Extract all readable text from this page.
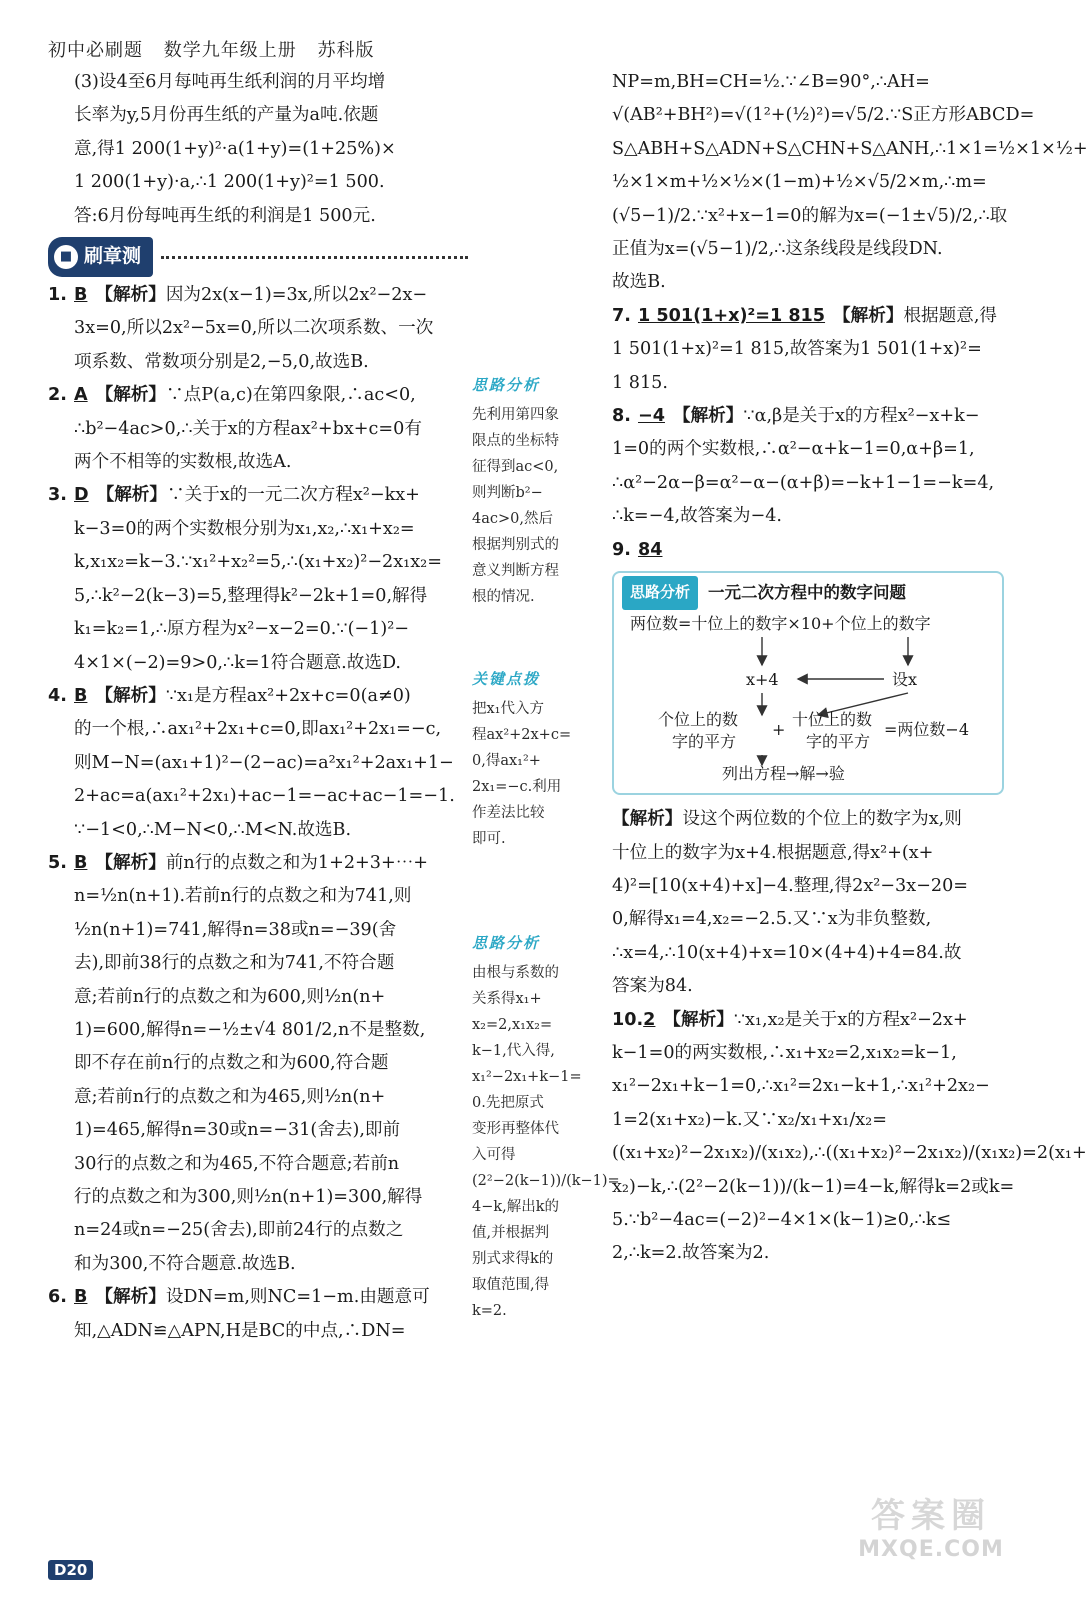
初中必刷题 数学九年级上册 苏科版
(3)设4至6月每吨再生纸利润的月平均增
长率为y,5月份再生纸的产量为a吨.依题
意,得1 200(1+y)²·a(1+y)=(1+25%)×
1 200(1+y)·a,∴1 200(1+y)²=1 500.
答:6月份每吨再生纸的利润是1 500元.
■ 刷章测
1. B 【解析】因为2x(x−1)=3x,所以2x²−2x−
3x=0,所以2x²−5x=0,所以二次项系数、一次
项系数、常数项分别是2,−5,0,故选B.
2. A 【解析】∵点P(a,c)在第四象限,∴ac<0,
∴b²−4ac>0,∴关于x的方程ax²+bx+c=0有
两个不相等的实数根,故选A.
3. D 【解析】∵关于x的一元二次方程x²−kx+
k−3=0的两个实数根分别为x₁,x₂,∴x₁+x₂=
k,x₁x₂=k−3.∵x₁²+x₂²=5,∴(x₁+x₂)²−2x₁x₂=
5,∴k²−2(k−3)=5,整理得k²−2k+1=0,解得
k₁=k₂=1,∴原方程为x²−x−2=0.∵(−1)²−
4×1×(−2)=9>0,∴k=1符合题意.故选D.
4. B 【解析】∵x₁是方程ax²+2x+c=0(a≠0)
的一个根,∴ax₁²+2x₁+c=0,即ax₁²+2x₁=−c,
则M−N=(ax₁+1)²−(2−ac)=a²x₁²+2ax₁+1−
2+ac=a(ax₁²+2x₁)+ac−1=−ac+ac−1=−1.
∵−1<0,∴M−N<0,∴M<N.故选B.
5. B 【解析】前n行的点数之和为1+2+3+⋯+
n=½n(n+1).若前n行的点数之和为741,则
½n(n+1)=741,解得n=38或n=−39(舍
去),即前38行的点数之和为741,不符合题
意;若前n行的点数之和为600,则½n(n+
1)=600,解得n=−½±√4 801/2,n不是整数,
即不存在前n行的点数之和为600,符合题
意;若前n行的点数之和为465,则½n(n+
1)=465,解得n=30或n=−31(舍去),即前
30行的点数之和为465,不符合题意;若前n
行的点数之和为300,则½n(n+1)=300,解得
n=24或n=−25(舍去),即前24行的点数之
和为300,不符合题意.故选B.
6. B 【解析】设DN=m,则NC=1−m.由题意可
知,△ADN≌△APN,H是BC的中点,∴DN=
思路分析
先利用第四象
限点的坐标特
征得到ac<0,
则判断b²−
4ac>0,然后
根据判别式的
意义判断方程
根的情况.
关键点拨
把x₁代入方
程ax²+2x+c=
0,得ax₁²+
2x₁=−c.利用
作差法比较
即可.
思路分析
由根与系数的
关系得x₁+
x₂=2,x₁x₂=
k−1,代入得,
x₁²−2x₁+k−1=
0.先把原式
变形再整体代
入可得
(2²−2(k−1))/(k−1)=
4−k,解出k的
值,并根据判
别式求得k的
取值范围,得
k=2.
NP=m,BH=CH=½.∵∠B=90°,∴AH=
√(AB²+BH²)=√(1²+(½)²)=√5/2.∵S正方形ABCD=
S△ABH+S△ADN+S△CHN+S△ANH,∴1×1=½×1×½+
½×1×m+½×½×(1−m)+½×√5/2×m,∴m=
(√5−1)/2.∵x²+x−1=0的解为x=(−1±√5)/2,∴取
正值为x=(√5−1)/2,∴这条线段是线段DN.
故选B.
7. 1 501(1+x)²=1 815 【解析】根据题意,得
1 501(1+x)²=1 815,故答案为1 501(1+x)²=
1 815.
8. −4 【解析】∵α,β是关于x的方程x²−x+k−
1=0的两个实数根,∴α²−α+k−1=0,α+β=1,
∴α²−2α−β=α²−α−(α+β)=−k+1−1=−k=4,
∴k=−4,故答案为−4.
9. 84
思路分析	一元二次方程中的数字问题
两位数=十位上的数字×10+个位上的数字
x+4	设x
个位上的数
字的平方
+
十位上的数
字的平方
=两位数−4
列出方程→解→验
【解析】设这个两位数的个位上的数字为x,则
十位上的数字为x+4.根据题意,得x²+(x+
4)²=[10(x+4)+x]−4.整理,得2x²−3x−20=
0,解得x₁=4,x₂=−2.5.又∵x为非负整数,
∴x=4,∴10(x+4)+x=10×(4+4)+4=84.故
答案为84.
10.2 【解析】∵x₁,x₂是关于x的方程x²−2x+
k−1=0的两实数根,∴x₁+x₂=2,x₁x₂=k−1,
x₁²−2x₁+k−1=0,∴x₁²=2x₁−k+1,∴x₁²+2x₂−
1=2(x₁+x₂)−k.又∵x₂/x₁+x₁/x₂=
((x₁+x₂)²−2x₁x₂)/(x₁x₂),∴((x₁+x₂)²−2x₁x₂)/(x₁x₂)=2(x₁+
x₂)−k,∴(2²−2(k−1))/(k−1)=4−k,解得k=2或k=
5.∵b²−4ac=(−2)²−4×1×(k−1)≥0,∴k≤
2,∴k=2.故答案为2.
D20
答案圈
MXQE.COM
